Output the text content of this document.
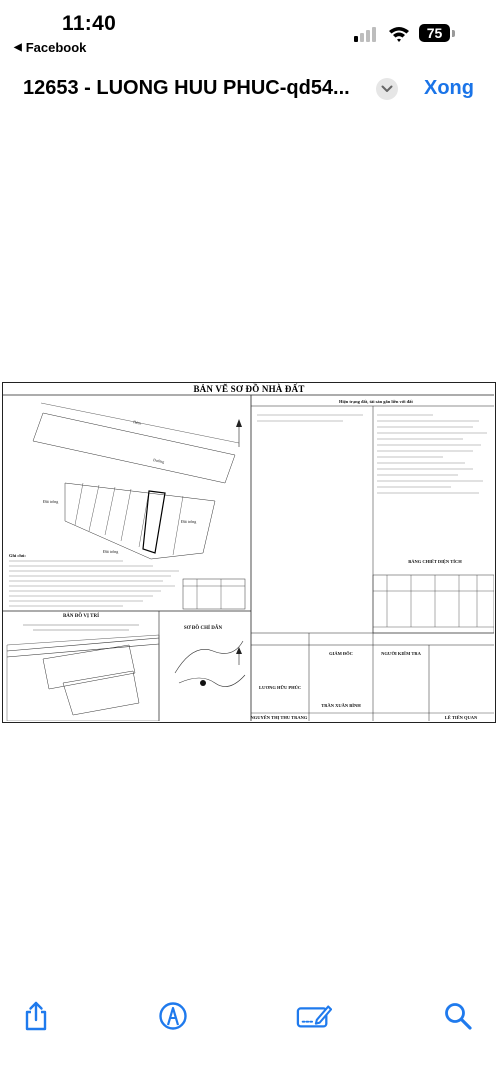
11:40
◀ Facebook
75
12653 - LUONG HUU PHUC-qd54...	Xong
BẢN VẼ SƠ ĐỒ NHÀ ĐẤT
Hiện trạng đất, tài sản gắn liền với đất
Hẻm
Đường
Đất trống
Đất trống
Đất trống
Ghi chú:
BẢN ĐỒ VỊ TRÍ
SƠ ĐỒ CHỈ DẪN
BẢNG CHIẾT DIỆN TÍCH
GIÁM ĐỐC	NGƯỜI KIỂM TRA
LƯƠNG HỮU PHÚC
TRẦN XUÂN BÌNH
NGUYỄN THỊ THU TRANG	LÊ TIẾN QUAN
